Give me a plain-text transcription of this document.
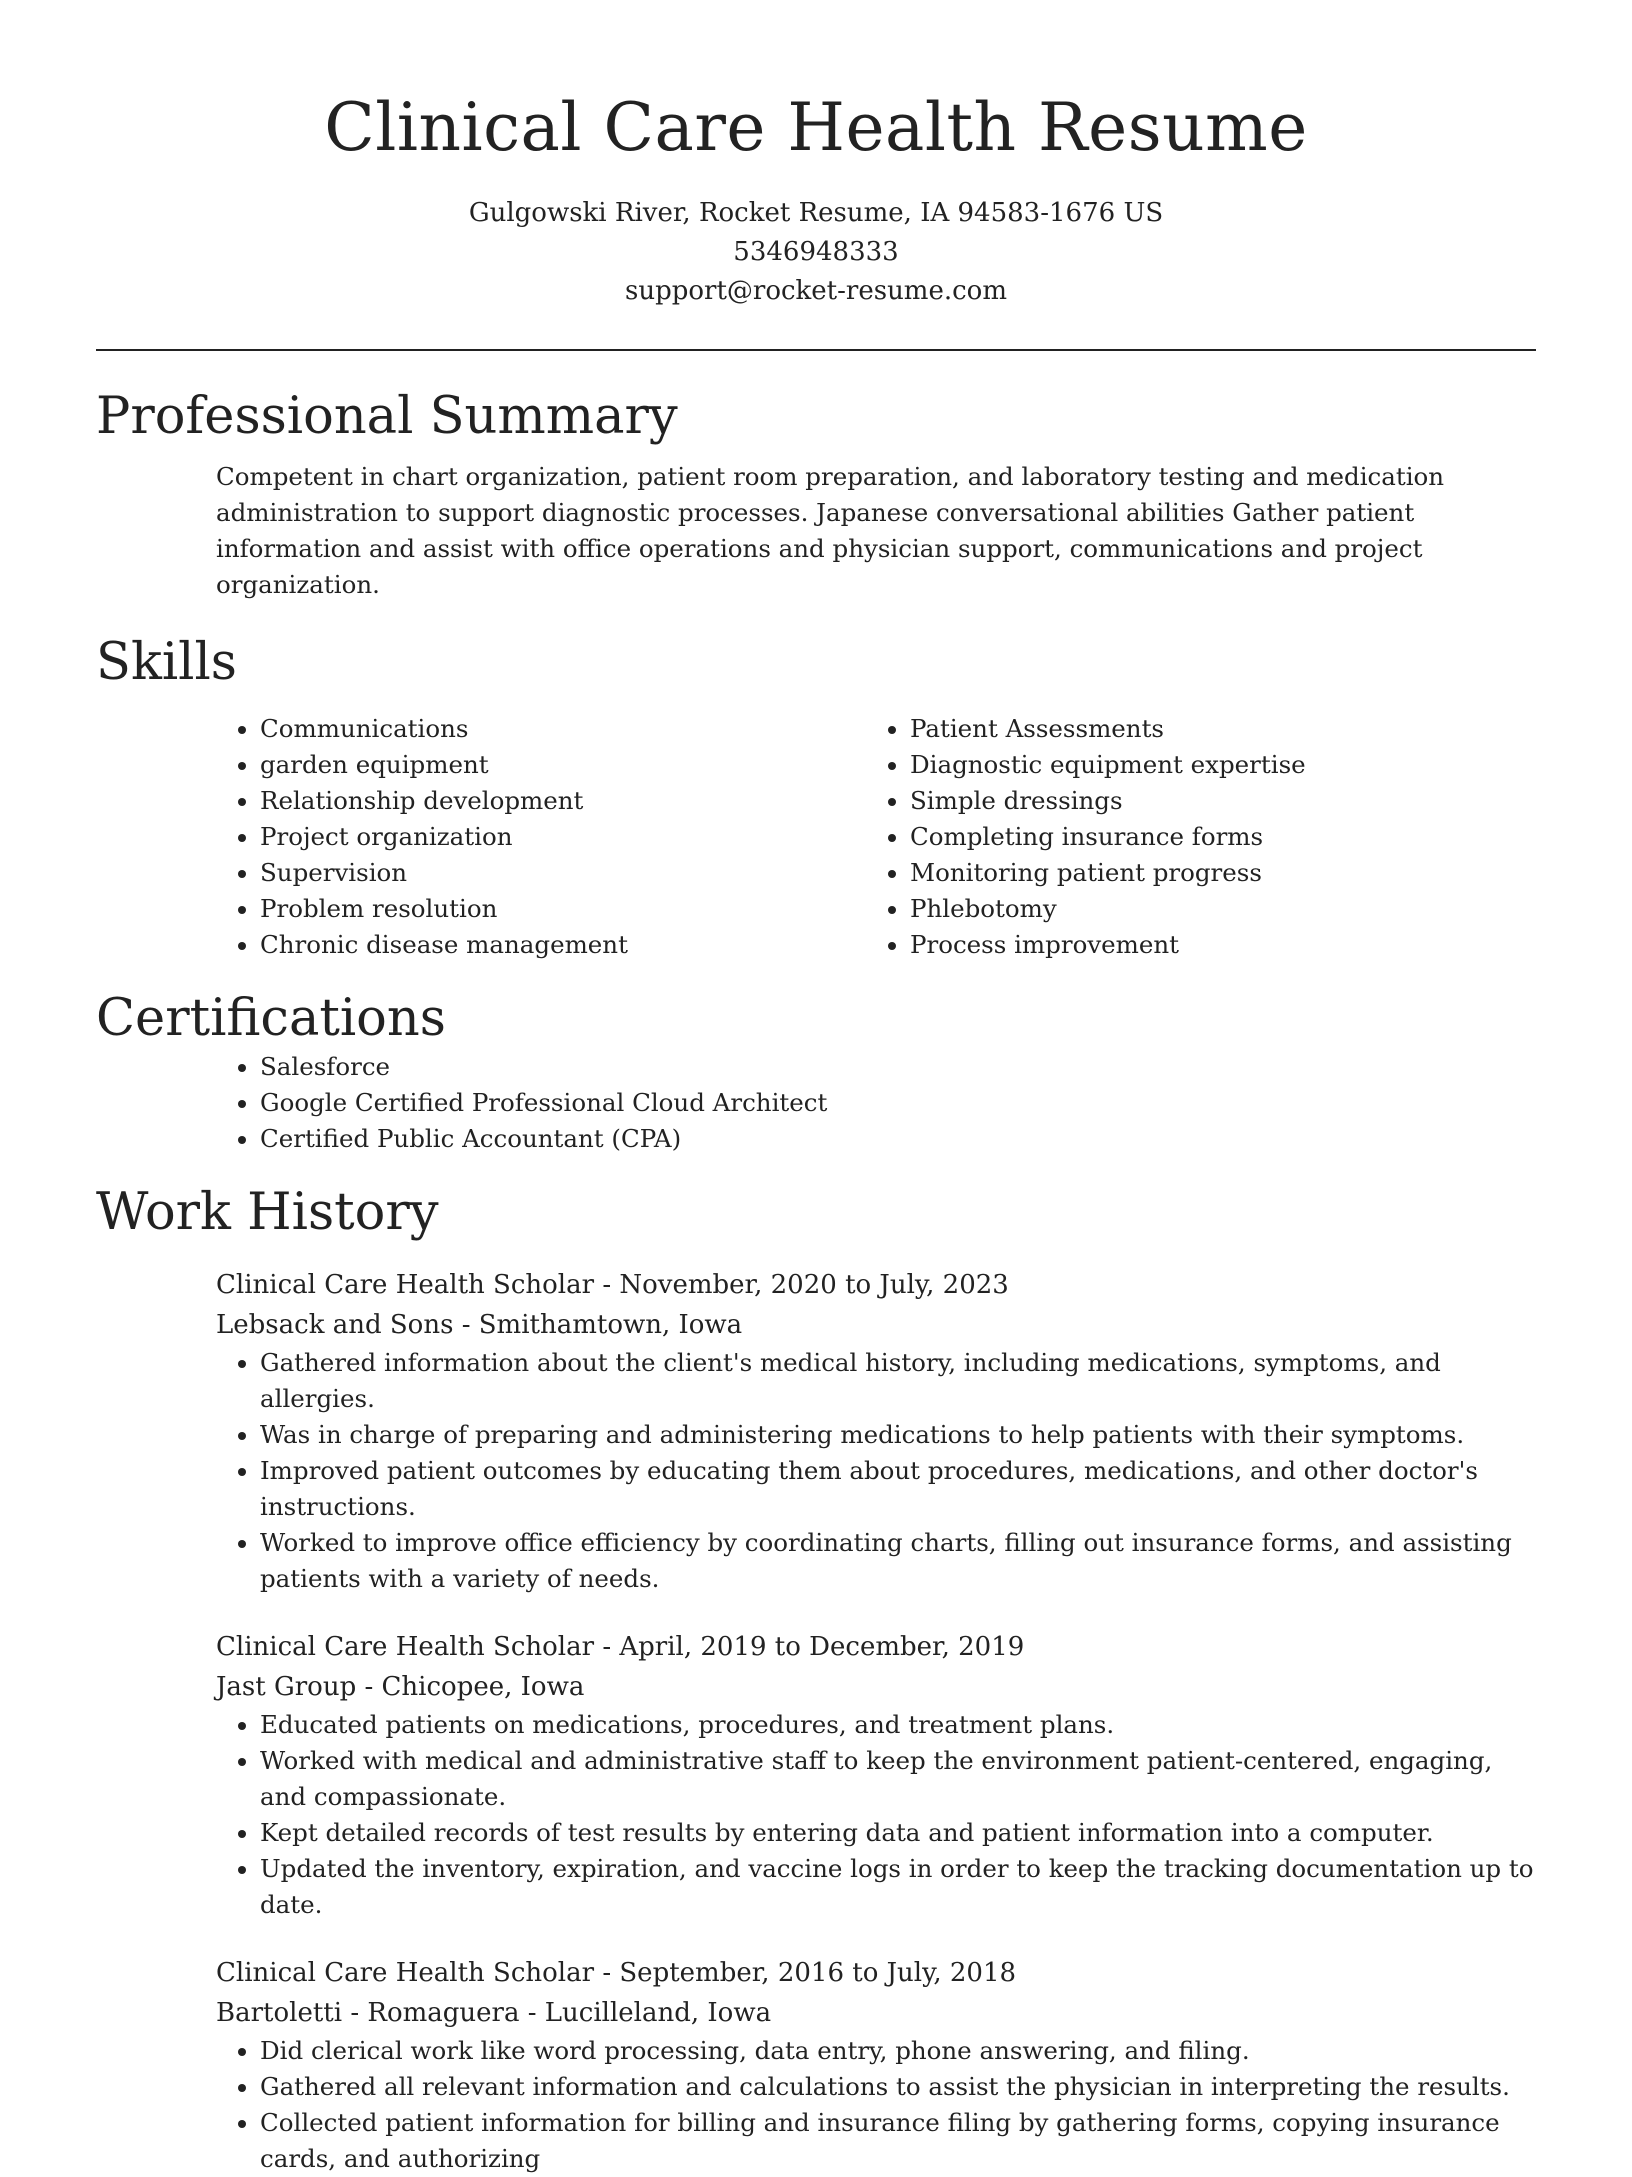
Clinical Care Health Resume
Gulgowski River, Rocket Resume, IA 94583-1676 US
5346948333
support@rocket-resume.com
Professional Summary

Competent in chart organization, patient room preparation, and laboratory testing and medication administration to support diagnostic processes. Japanese conversational abilities Gather patient information and assist with office operations and physician support, communications and project organization.

Skills
• Communications
• garden equipment
• Relationship development
• Project organization
• Supervision
• Problem resolution
• Chronic disease management
• Patient Assessments
• Diagnostic equipment expertise
• Simple dressings
• Completing insurance forms
• Monitoring patient progress
• Phlebotomy
• Process improvement
Certifications
• Salesforce
• Google Certified Professional Cloud Architect
• Certified Public Accountant (CPA)
Work History
Clinical Care Health Scholar - November, 2020 to July, 2023
Lebsack and Sons - Smithamtown, Iowa
• Gathered information about the client's medical history, including medications, symptoms, and allergies.
• Was in charge of preparing and administering medications to help patients with their symptoms.
• Improved patient outcomes by educating them about procedures, medications, and other doctor's instructions.
• Worked to improve office efficiency by coordinating charts, filling out insurance forms, and assisting patients with a variety of needs.
Clinical Care Health Scholar - April, 2019 to December, 2019
Jast Group - Chicopee, Iowa
• Educated patients on medications, procedures, and treatment plans.
• Worked with medical and administrative staff to keep the environment patient-centered, engaging, and compassionate.
• Kept detailed records of test results by entering data and patient information into a computer.
• Updated the inventory, expiration, and vaccine logs in order to keep the tracking documentation up to date.
Clinical Care Health Scholar - September, 2016 to July, 2018
Bartoletti - Romaguera - Lucilleland, Iowa
• Did clerical work like word processing, data entry, phone answering, and filing.
• Gathered all relevant information and calculations to assist the physician in interpreting the results.
• Collected patient information for billing and insurance filing by gathering forms, copying insurance cards, and authorizing
